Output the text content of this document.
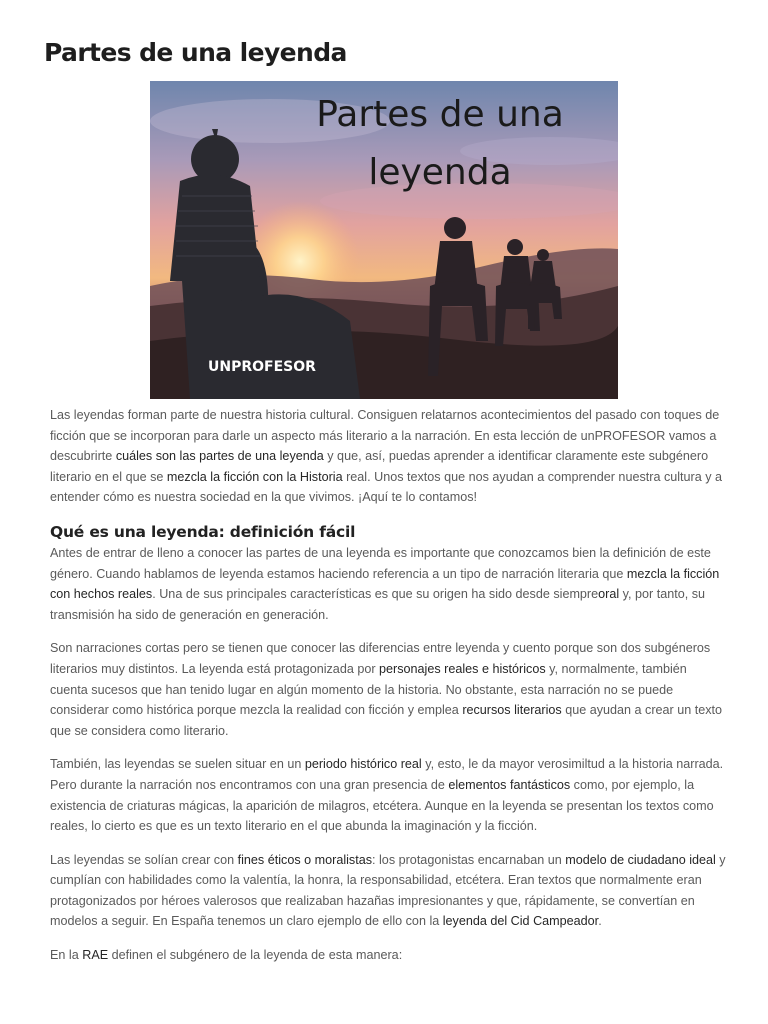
Partes de una leyenda
Partes de una
leyenda
UNPROFESOR

Las leyendas forman parte de nuestra historia cultural. Consiguen relatarnos acontecimientos del pasado con toques de ficción que se incorporan para darle un aspecto más literario a la narración. En esta lección de unPROFESOR vamos a descubrirte cuáles son las partes de una leyenda y que, así, puedas aprender a identificar claramente este subgénero literario en el que se mezcla la ficción con la Historia real. Unos textos que nos ayudan a comprender nuestra cultura y a entender cómo es nuestra sociedad en la que vivimos. ¡Aquí te lo contamos!

Qué es una leyenda: definición fácil

Antes de entrar de lleno a conocer las partes de una leyenda es importante que conozcamos bien la definición de este género. Cuando hablamos de leyenda estamos haciendo referencia a un tipo de narración literaria que mezcla la ficción con hechos reales. Una de sus principales características es que su origen ha sido desde siempreoral y, por tanto, su transmisión ha sido de generación en generación.

Son narraciones cortas pero se tienen que conocer las diferencias entre leyenda y cuento porque son dos subgéneros literarios muy distintos. La leyenda está protagonizada por personajes reales e históricos y, normalmente, también cuenta sucesos que han tenido lugar en algún momento de la historia. No obstante, esta narración no se puede considerar como histórica porque mezcla la realidad con ficción y emplea recursos literarios que ayudan a crear un texto que se considera como literario.

También, las leyendas se suelen situar en un periodo histórico real y, esto, le da mayor verosimiltud a la historia narrada. Pero durante la narración nos encontramos con una gran presencia de elementos fantásticos como, por ejemplo, la existencia de criaturas mágicas, la aparición de milagros, etcétera. Aunque en la leyenda se presentan los textos como reales, lo cierto es que es un texto literario en el que abunda la imaginación y la ficción.

Las leyendas se solían crear con fines éticos o moralistas: los protagonistas encarnaban un modelo de ciudadano ideal y cumplían con habilidades como la valentía, la honra, la responsabilidad, etcétera. Eran textos que normalmente eran protagonizados por héroes valerosos que realizaban hazañas impresionantes y que, rápidamente, se convertían en modelos a seguir. En España tenemos un claro ejemplo de ello con la leyenda del Cid Campeador.

En la RAE definen el subgénero de la leyenda de esta manera:
